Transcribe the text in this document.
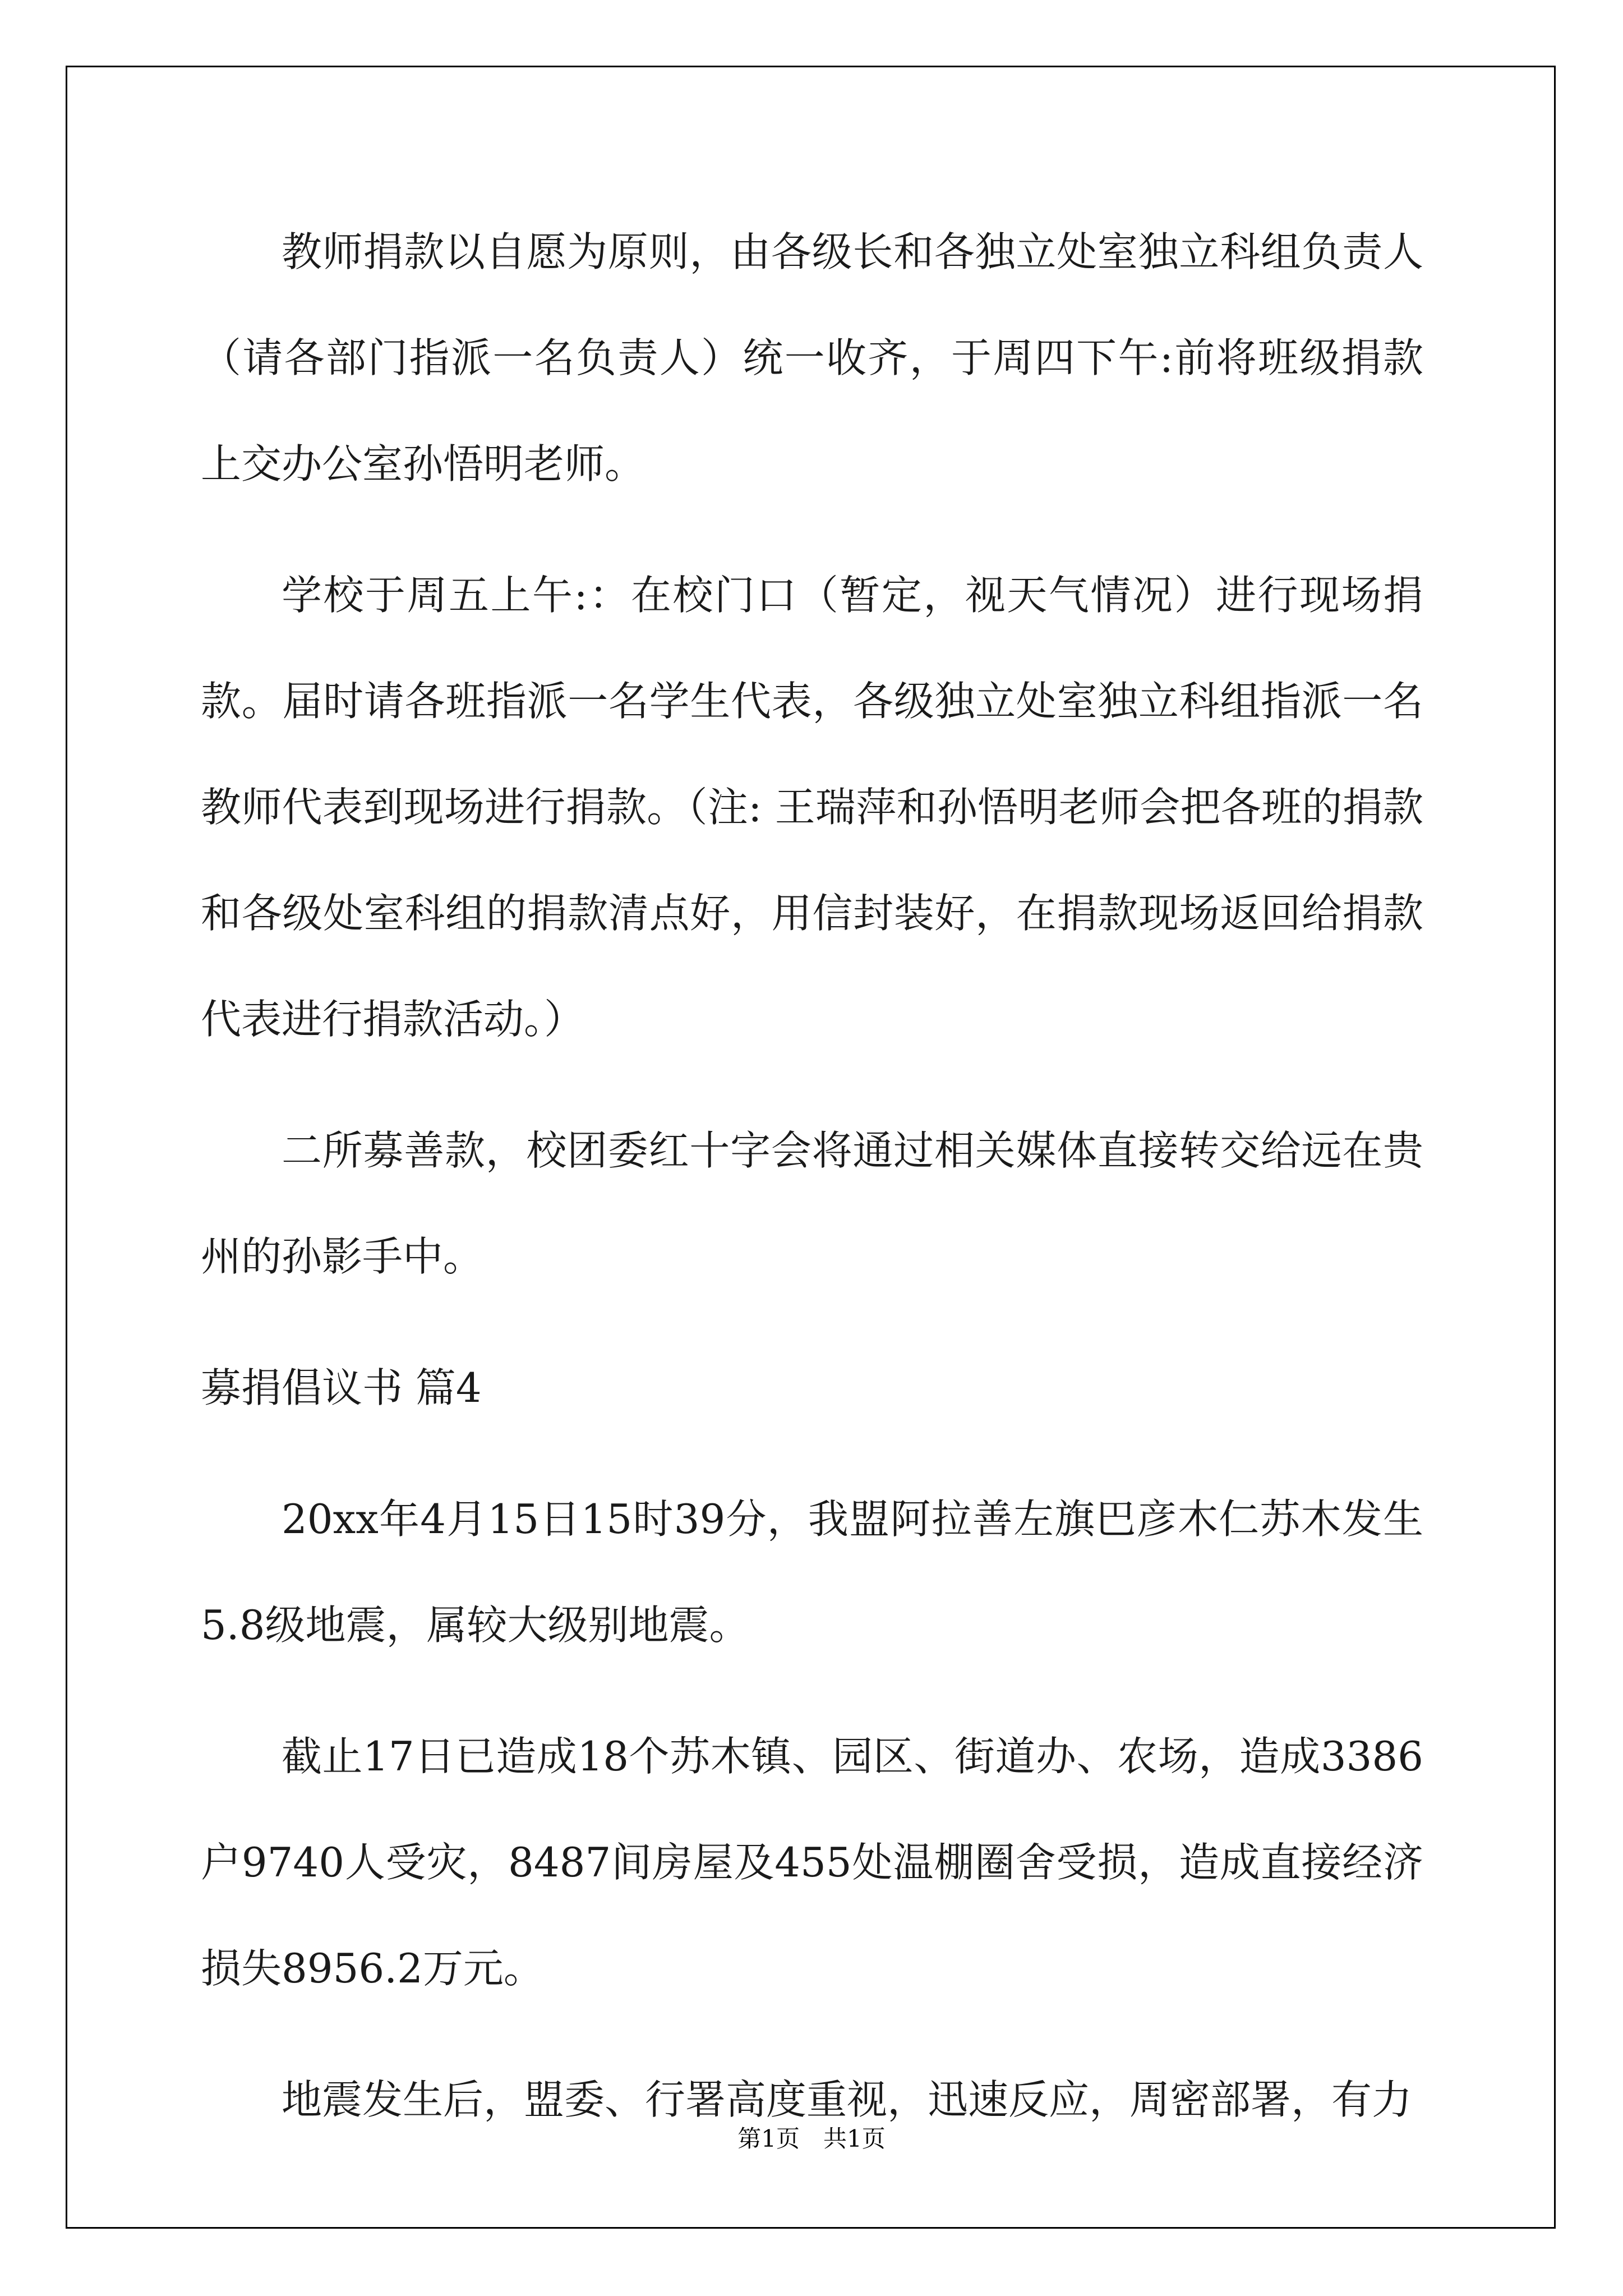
教师捐款以自愿为原则，由各级长和各独立处室独立科组负责人（请各部门指派一名负责人）统一收齐，于周四下午:前将班级捐款上交办公室孙悟明老师。

学校于周五上午:：在校门口（暂定，视天气情况）进行现场捐款。届时请各班指派一名学生代表，各级独立处室独立科组指派一名教师代表到现场进行捐款。（注: 王瑞萍和孙悟明老师会把各班的捐款和各级处室科组的捐款清点好，用信封装好，在捐款现场返回给捐款代表进行捐款活动。）

二所募善款，校团委红十字会将通过相关媒体直接转交给远在贵州的孙影手中。

募捐倡议书 篇4

20xx年4月15日15时39分，我盟阿拉善左旗巴彦木仁苏木发生5.8级地震，属较大级别地震。

截止17日已造成18个苏木镇、园区、街道办、农场，造成3386户9740人受灾，8487间房屋及455处温棚圈舍受损，造成直接经济损失8956.2万元。

地震发生后，盟委、行署高度重视，迅速反应，周密部署，有力

第1页　共1页
